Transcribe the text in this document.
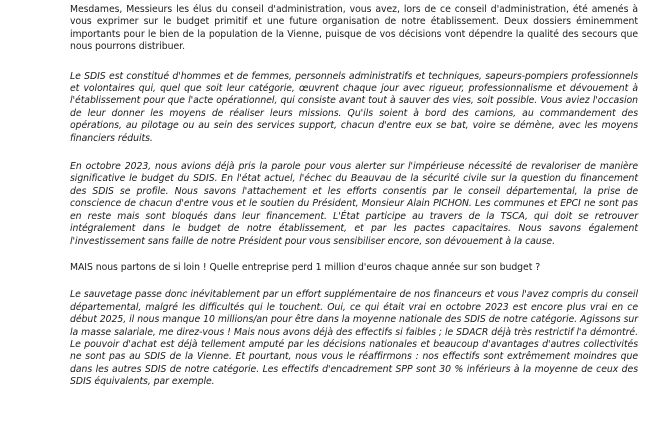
Mesdames, Messieurs les élus du conseil d'administration, vous avez, lors de ce conseil d'administration, été amenés à vous exprimer sur le budget primitif et une future organisation de notre établissement. Deux dossiers éminemment importants pour le bien de la population de la Vienne, puisque de vos décisions vont dépendre la qualité des secours que nous pourrons distribuer.

Le SDIS est constitué d'hommes et de femmes, personnels administratifs et techniques, sapeurs-pompiers professionnels et volontaires qui, quel que soit leur catégorie, œuvrent chaque jour avec rigueur, professionnalisme et dévouement à l'établissement pour que l'acte opérationnel, qui consiste avant tout à sauver des vies, soit possible. Vous aviez l'occasion de leur donner les moyens de réaliser leurs missions. Qu'ils soient à bord des camions, au commandement des opérations, au pilotage ou au sein des services support, chacun d'entre eux se bat, voire se démène, avec les moyens financiers réduits.

En octobre 2023, nous avions déjà pris la parole pour vous alerter sur l'impérieuse nécessité de revaloriser de manière significative le budget du SDIS. En l'état actuel, l'échec du Beauvau de la sécurité civile sur la question du financement des SDIS se profile. Nous savons l'attachement et les efforts consentis par le conseil départemental, la prise de conscience de chacun d'entre vous et le soutien du Président, Monsieur Alain PICHON. Les communes et EPCI ne sont pas en reste mais sont bloqués dans leur financement. L'État participe au travers de la TSCA, qui doit se retrouver intégralement dans le budget de notre établissement, et par les pactes capacitaires. Nous savons également l'investissement sans faille de notre Président pour vous sensibiliser encore, son dévouement à la cause.

MAIS nous partons de si loin ! Quelle entreprise perd 1 million d'euros chaque année sur son budget ?

Le sauvetage passe donc inévitablement par un effort supplémentaire de nos financeurs et vous l'avez compris du conseil départemental, malgré les difficultés qui le touchent. Oui, ce qui était vrai en octobre 2023 est encore plus vrai en ce début 2025, il nous manque 10 millions/an pour être dans la moyenne nationale des SDIS de notre catégorie. Agissons sur la masse salariale, me direz-vous ! Mais nous avons déjà des effectifs si faibles ; le SDACR déjà très restrictif l'a démontré. Le pouvoir d'achat est déjà tellement amputé par les décisions nationales et beaucoup d'avantages d'autres collectivités ne sont pas au SDIS de la Vienne. Et pourtant, nous vous le réaffirmons : nos effectifs sont extrêmement moindres que dans les autres SDIS de notre catégorie. Les effectifs d'encadrement SPP sont 30 % inférieurs à la moyenne de ceux des SDIS équivalents, par exemple.
